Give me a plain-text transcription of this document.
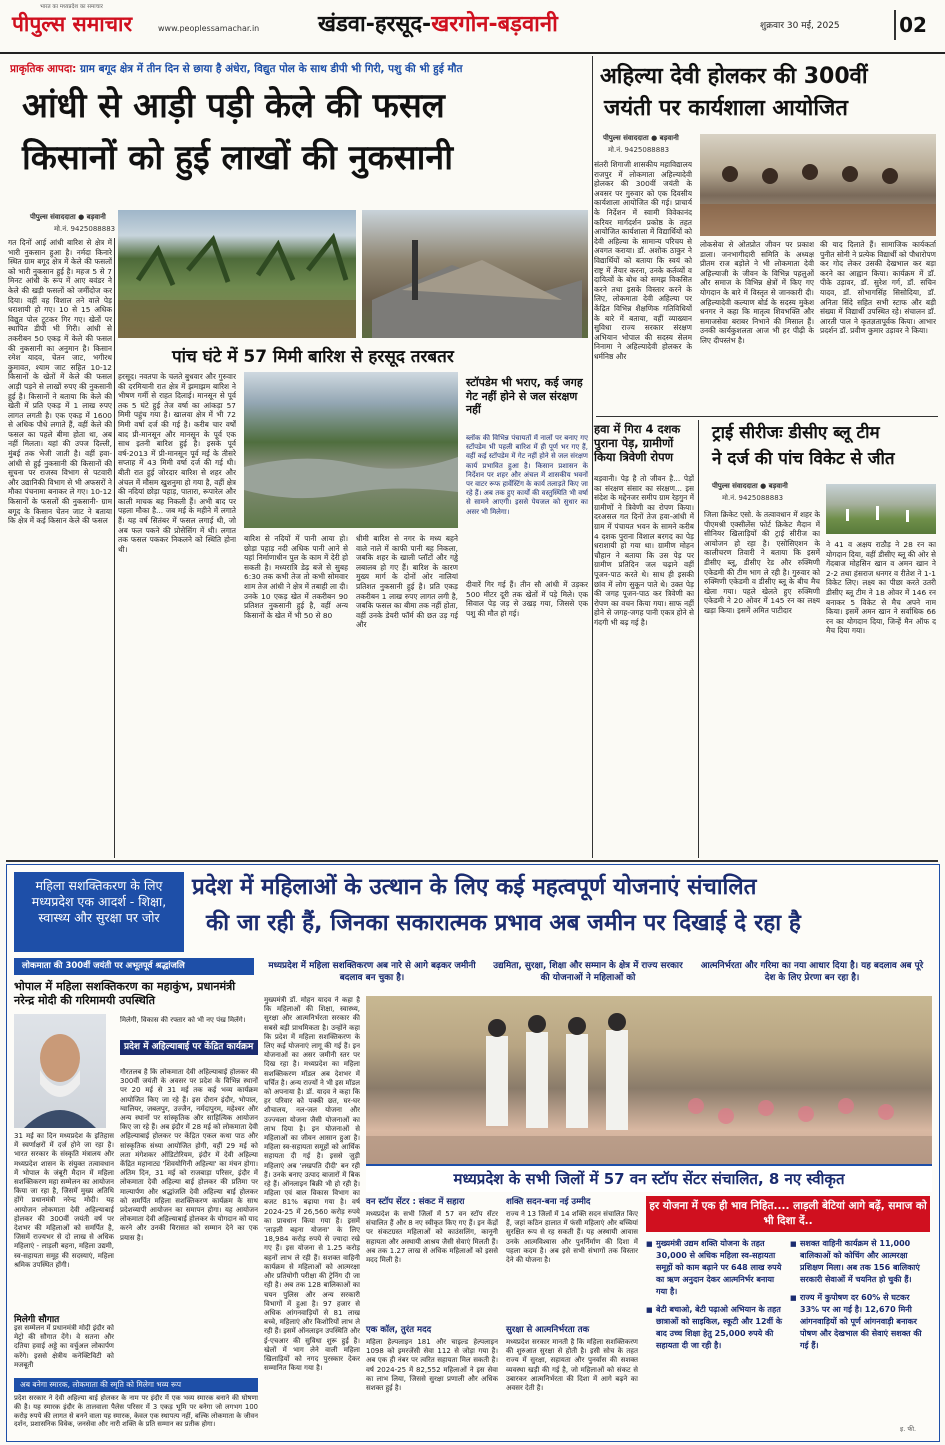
पीपुल्स समाचार
भारत का मध्यप्रदेश का समाचार
www.peoplessamachar.in	खंडवा-हरसूद-खरगोन-बड़वानी	शुक्रवार 30 मई, 2025	02
प्राकृतिक आपदा: ग्राम बगूद क्षेत्र में तीन दिन से छाया है अंधेरा, विद्युत पोल के साथ डीपी भी गिरी, पशु की भी हुई मौत
आंधी से आड़ी पड़ी केले की फसल
किसानों को हुई लाखों की नुकसानी
पीपुल्स संवाददाता ● बड़वानी
मो.नं. 9425088883
गत दिनों आई आंधी बारिश से क्षेत्र में भारी नुकसान हुआ है। नर्मदा किनारे स्थित ग्राम बगूद क्षेत्र में केले की फसलों को भारी नुकसान हुई है। महज 5 से 7 मिनट आंधी के रूप में आए बवंडर ने केले की खड़ी फसलों को जमींदोज कर दिया। वहीं वह विशाल तने वाले पेड़ धराशायी हो गए। 10 से 15 अधिक विद्युत पोल टूटकर गिर गए। खेतों पर स्थापित डीपी भी गिरी। आंधी से तकरीबन 50 एकड़ में केले की फसल की नुकसानी का अनुमान है। किसान रमेश यादव, चेतन जाट, भगीरथ कुमावत, श्याम जाट सहित 10-12 किसानों के खेतों में केले की फसल आड़ी पड़ने से लाखों रुपए की नुकसानी हुई है। किसानों ने बताया कि केले की खेती में प्रति एकड़ में 1 लाख रुपए लागत लगती है। एक एकड़ में 1600 से अधिक पौधे लगाते हैं, वहीं केले की फसल का पहले बीमा होता था, अब नहीं मिलता। यहां की उपज दिल्ली, मुंबई तक भेजी जाती है। वहीं हवा-आंधी से हुई नुकसानी की किसानों की सूचना पर राजस्व विभाग से पटवारी और उद्यानिकी विभाग से भी अफसरों ने मौका पंचनामा बनाकर ले गए। 10-12 किसानों के फसलों की नुकसानी- ग्राम बगूद के किसान चेतन जाट ने बताया कि क्षेत्र में कई किसान केले की फसल
पांच घंटे में 57 मिमी बारिश से हरसूद तरबतर
हरसूद। नवतपा के चलते बुधवार और गुरुवार की दरमियानी रात क्षेत्र में झमाझम बारिश ने भीषण गर्मी से राहत दिलाई। मानसून से पूर्व तक 5 घंटे हुई तेज वर्षा का आंकड़ा 57 मिमी पहुंच गया है। खालवा क्षेत्र में भी 72 मिमी वर्षा दर्ज की गई है। करीब चार वर्षों बाद प्री-मानसून और मानसून के पूर्व एक साथ इतनी बारिश हुई है। इसके पूर्व वर्ष-2013 में प्री-मानसून पूर्व मई के तीसरे सप्ताह में 43 मिमी वर्षा दर्ज की गई थी। बीती रात हुई जोरदार बारिश से शहर और अंचल में मौसम खुशनुमा हो गया है, वहीं क्षेत्र की नदियां छोड़ा पहाड़, पातारा, रूपारेल और काली माचक बह निकली हैं। अभी बाद पर पहला मौका है... जब मई के महीने में लगाते हैं। यह वर्ष सितंबर में फसल लगाई थी, जो अब फल पकने की प्रोसेसिंग में थी। लगात तक फसल पककर निकलने को स्थिति होना थी।
बारिश से नदियों में पानी आया हो। छोड़ा पहाड़ नदी अधिक पानी आने से यहां निर्माणाधीन पुल के काम में देरी हो सकती है। मध्यरात्रि डेढ़ बजे से सुबह 6:30 तक कभी तेज तो कभी सोमवार शाम तेज आंधी ने क्षेत्र में तबाही ला दी। उनके 10 एकड़ खेत में तकरीबन 90 प्रतिशत नुकसानी हुई है, वहीं अन्य किसानों के खेत में भी 50 से 80
धीमी बारिश से नगर के मध्य बहने वाले नाले में काफी पानी बह निकला, जबकि शहर के खाली प्लॉटों और गड्ढे लबालब हो गए हैं। बारिश के कारण मुख्य मार्ग के दोनों ओर नालियां प्रतिशत नुकसानी हुई है। प्रति एकड़ तकरीबन 1 लाख रुपए लागत लगी है, जबकि फसल का बीमा तक नहीं होता, वहीं उनके डेयरी फॉर्म की छत उड़ गई और
स्टॉपडेम भी भराए, कई जगह गेट नहीं होने से जल संरक्षण नहीं
ब्लॉक की विभिन्न पंचायतों में नालों पर बनाए गए स्टॉपडेम भी पहली बारिश में ही पूर्ण भर गए हैं, वहीं कई स्टॉपडेम में गेट नहीं होने से जल संरक्षण कार्य प्रभावित हुआ है। किसान प्रशासन के निर्देशन पर शहर और अंचल में शासकीय भवनों पर वाटर रूफ हार्वेस्टिंग के कार्य तलाड़ते किए जा रहे हैं। अब तक हुए कार्यों की वस्तुस्थिति भी वर्षा से सामने आएगी। इससे पेयजल को सुधार का असर भी मिलेगा।
दीवारें गिर गई हैं। तीन सौ आंधी में उड़कर 500 मीटर दूरी तक खेतों में पड़े मिले। एक सिवाल पेड़ जड़ से उखड़ गया, जिससे एक पशु की मौत हो गई।
अहिल्या देवी होलकर की 300वीं
जयंती पर कार्यशाला आयोजित
पीपुल्स संवाददाता ● बड़वानी
मो.नं. 9425088883
संतरी शिगाजी शासकीय महाविद्यालय राजपुर में लोकमाता अहिल्यादेवी होलकर की 300वीं जयंती के अवसर पर गुरुवार को एक दिवसीय कार्यशाला आयोजित की गई। प्राचार्य के निर्देशन में स्वामी विवेकानंद करियर मार्गदर्शन प्रकोष्ठ के तहत आयोजित कार्यशाला में विद्यार्थियों को देवी अहिल्या के सामान्य परिचय से अवगत कराया। डॉ. अशोक ठाकुर ने विद्यार्थियों को बताया कि स्वयं को राष्ट्र में तैयार करना, उनके कर्तव्यों व दायित्वों के बोध को समझ विकसित करने तथा इसके विस्तार करने के लिए, लोकमाता देवी अहिल्या पर केंद्रित विभिन्न शैक्षणिक गतिविधियों के बारे में बताया, वहीं व्याख्यान सुविधा राज्य सरकार संरक्षण अभियान भोपाल की सदस्य सेलम निनामा ने अहिल्यादेवी होलकर के धर्मनिष्ठ और
लोकसेवा से ओतप्रोत जीवन पर प्रकाश डाला। जनभागीदारी समिति के अध्यक्ष प्रीतम राज बड़ोले ने भी लोकमाता देवी अहिल्याजी के जीवन के विभिन्न पहलुओं और समाज के विभिन्न क्षेत्रों में किए गए योगदान के बारे में विस्तृत से जानकारी दी। अहिल्यादेवी कल्याण बोर्ड के सदस्य मुकेश धनगर ने कहा कि मातृत्व शिवभक्ति और समाजसेवा बराबर निभाने की मिसाल हैं। उनकी कार्यकुशलता आज भी हर पीढ़ी के लिए दीपस्तंभ है।
की याद दिलाते हैं। सामाजिक कार्यकर्ता पुनीत सोनी ने प्रत्येक विद्यार्थी को पौधारोपण कर गोद लेकर उसकी देखभाल कर बड़ा करने का आह्वान किया। कार्यक्रम में डॉ. पीके उड़ावर, डॉ. सुरेश गर्ग, डॉ. सचिन यादव, डॉ. सोभागसिंह सिसोदिया, डॉ. अनिता सिंदे सहित सभी स्टाफ और बड़ी संख्या में विद्यार्थी उपस्थित रहे। संचालन डॉ. आरती पाल ने कृतज्ञतापूर्वक किया। आभार प्रदर्शन डॉ. प्रवीण कुमार उड़ावर ने किया।
हवा में गिरा 4 दशक पुराना पेड़, ग्रामीणों किया त्रिवेणी रोपण
बड़वानी। पेड़ है तो जीवन है... पेड़ों का संरक्षण संसार का संरक्षण... इस संदेश के मद्देनजर समीप ग्राम रेहगुन में ग्रामीणों ने त्रिवेणी का रोपण किया। दरअसल गत दिनों तेज हवा-आंधी में ग्राम में पंचायत भवन के सामने करीब 4 दशक पुराना विशाल बरगद का पेड़ धराशायी हो गया था। ग्रामीण मोहन चौहान ने बताया कि उस पेड़ पर ग्रामीण प्रतिदिन जल चढ़ाने वहीं पूजन-पाठ करते थे। साथ ही इसकी छांव में लोग सुकून पाते थे। उक्त पेड़ की जगह पूजन-पाठ कर त्रिवेणी का रोपण का वचन किया गया। साफ नहीं होने से जगह-जगह पानी एकत्र होने से गंदगी भी बढ़ गई है।
ट्राई सीरीजः डीसीए ब्लू टीम
ने दर्ज की पांच विकेट से जीत
पीपुल्स संवाददाता ● बड़वानी
मो.नं. 9425088883
जिला क्रिकेट एसो. के तत्वावधान में शहर के पीएमश्री एक्सीलेंस फोर्ट क्रिकेट मैदान में सीनियर खिलाड़ियों की ट्राई सीरीज का आयोजन हो रहा है। एसोसिएशन के कालीचरण तिवारी ने बताया कि इसमें डीसीए ब्लू, डीसीए रेड और रुक्मिणी एकेडमी की टीम भाग ले रही है। गुरुवार को रुक्मिणी एकेडमी व डीसीए ब्लू के बीच मैच खेला गया। पहले खेलते हुए रुक्मिणी एकेडमी ने 20 ओवर में 145 रन का लक्ष्य खड़ा किया। इसमें अमित पाटीदार
ने 41 व अक्षय राठौड़ ने 28 रन का योगदान दिया, वहीं डीसीए ब्लू की ओर से गेंदबाज मोहसिन खान व अमन खान ने 2-2 तथा हंसराज धनगर व रीतेश ने 1-1 विकेट लिए। लक्ष्य का पीछा करते उतरी डीसीए ब्लू टीम ने 18 ओवर में 146 रन बनाकर 5 विकेट से मैच अपने नाम किया। इसमें अमन खान ने सर्वाधिक 66 रन का योगदान दिया, जिन्हें मैन ऑफ द मैच दिया गया।
महिला सशक्तिकरण के लिए मध्यप्रदेश एक आदर्श - शिक्षा, स्वास्थ्य और सुरक्षा पर जोर
प्रदेश में महिलाओं के उत्थान के लिए कई महत्वपूर्ण योजनाएं संचालित
की जा रही हैं, जिनका सकारात्मक प्रभाव अब जमीन पर दिखाई दे रहा है
लोकमाता की 300वीं जयंती पर अभूतपूर्व श्रद्धांजलि
भोपाल में महिला सशक्तिकरण का महाकुंभ, प्रधानमंत्री नरेन्द्र मोदी की गरिमामयी उपस्थिति
मध्यप्रदेश में महिला सशक्तिकरण अब नारे से आगे बढ़कर जमीनी बदलाव बन चुका है।
उद्यमिता, सुरक्षा, शिक्षा और सम्मान के क्षेत्र में राज्य सरकार की योजनाओं ने महिलाओं को
आत्मनिर्भरता और गरिमा का नया आधार दिया है। यह बदलाव अब पूरे देश के लिए प्रेरणा बन रहा है।
31 मई का दिन मध्यप्रदेश के इतिहास में स्वर्णाक्षरों में दर्ज होने जा रहा है। भारत सरकार के संस्कृति मंत्रालय और मध्यप्रदेश शासन के संयुक्त तत्वावधान में भोपाल के जंबूरी मैदान में महिला सशक्तिकरण महा सम्मेलन का आयोजन किया जा रहा है, जिसमें मुख्य अतिथि होंगे प्रधानमंत्री नरेन्द्र मोदी। यह आयोजन लोकमाता देवी अहिल्याबाई होलकर की 300वीं जयंती वर्ष पर देशभर की महिलाओं को समर्पित है, जिसमें राज्यभर से दो लाख से अधिक महिलाएं - लाड़ली बहना, महिला उद्यमी, स्व-सहायता समूह की सदस्याएं, महिला श्रमिक उपस्थित होंगी।
मिलेगी सौगात
इस सम्मेलन में प्रधानमंत्री मोदी इंदौर को मेट्रो की सौगात देंगे। वे सतना और दतिया हवाई अड्डे का वर्चुअल लोकार्पण करेंगे। इससे क्षेत्रीय कनेक्टिविटी को मजबूती
मिलेगी, विकास की रफ्तार को भी नए पंख मिलेंगे।
प्रदेश में अहिल्याबाई पर केंद्रित कार्यक्रम
गौरतलब है कि लोकमाता देवी अहिल्याबाई होलकर की 300वीं जयंती के अवसर पर प्रदेश के विभिन्न स्थानों पर 20 मई से 31 मई तक कई भव्य कार्यक्रम आयोजित किए जा रहे हैं। इस दौरान इंदौर, भोपाल, ग्वालियर, जबलपुर, उज्जैन, नर्मदापुरम, महेश्वर और अन्य स्थानों पर सांस्कृतिक और साहित्यिक आयोजन किए जा रहे हैं। अब इंदौर में 28 मई को लोकमाता देवी अहिल्याबाई होलकर पर केंद्रित एकल कथा पाठ और सांस्कृतिक संध्या आयोजित होगी, वहीं 29 मई को लता मंगेशकर ऑडिटोरियम, इंदौर में देवी अहिल्या केंद्रित महानाट्य 'शिवयोगिनी अहिल्या' का मंचन होगा। अंतिम दिन, 31 मई को राजबाड़ा परिसर, इंदौर में लोकमाता देवी अहिल्या बाई होलकर की प्रतिमा पर माल्यार्पण और श्रद्धांजलि देवी अहिल्या बाई होलकर को समर्पित महिला सशक्तिकरण कार्यक्रम के साथ प्रदेशव्यापी आयोजन का समापन होगा। यह आयोजन लोकमाता देवी अहिल्याबाई होलकर के योगदान को याद करने और उनकी विरासत को सम्मान देने का एक प्रयास है।
अब बनेगा स्मारक, लोकमाता की स्मृति को मिलेगा भव्य रूप
प्रदेश सरकार ने देवी अहिल्या बाई होलकर के नाम पर इंदौर में एक भव्य स्मारक बनाने की घोषणा की है। यह स्मारक इंदौर के तालवाला पैलेस परिसर में 3 एकड़ भूमि पर बनेगा जो लगभग 100 करोड़ रुपये की लागत से बनने वाला यह स्मारक, केवल एक स्थापत्य नहीं, बल्कि लोकमाता के जीवन दर्शन, प्रशासनिक विवेक, जनसेवा और नारी शक्ति के प्रति सम्मान का प्रतीक होगा।
मुख्यमंत्री डॉ. मोहन यादव ने कहा है कि महिलाओं की शिक्षा, स्वास्थ्य, सुरक्षा और आत्मनिर्भरता सरकार की सबसे बड़ी प्राथमिकता है। उन्होंने कहा कि प्रदेश में महिला सशक्तिकरण के लिए कई योजनाएं लागू की गई हैं। इन योजनाओं का असर जमीनी स्तर पर दिख रहा है। मध्यप्रदेश का महिला सशक्तिकरण मॉडल अब देशभर में चर्चित है। अन्य राज्यों ने भी इस मॉडल को अपनाया है। डॉ. यादव ने कहा कि हर परिवार को पक्की छत, घर-घर शौचालय, नल-जल योजना और उज्ज्वला योजना जैसी योजनाओं का लाभ दिया है। इन योजनाओं से महिलाओं का जीवन आसान हुआ है। महिला स्व-सहायता समूहों को आर्थिक सहायता दी गई है। इससे जुड़ी महिलाएं अब 'लखपति दीदी' बन रही हैं। उनके बनाए उत्पाद बाजारों में बिक रहे हैं। ऑनलाइन बिक्री भी हो रही है। महिला एवं बाल विकास विभाग का बजट 81% बढ़ाया गया है। वर्ष 2024-25 में 26,560 करोड़ रुपये का प्रावधान किया गया है। इसमें 'लाड़ली बहना योजना' के लिए 18,984 करोड़ रुपये से ज्यादा रखे गए हैं। इस योजना से 1.25 करोड़ बहनों लाभ ले रही हैं। सशक्त वाहिनी कार्यक्रम से महिलाओं को आत्मरक्षा और प्रतियोगी परीक्षा की ट्रेनिंग दी जा रही है। अब तक 128 बालिकाओं का चयन पुलिस और अन्य सरकारी विभागों में हुआ है। 97 हजार से अधिक आंगनवाड़ियों से 81 लाख बच्चे, महिलाएं और किशोरियों लाभ ले रही हैं। इसमें ऑनलाइन उपस्थिति और ई-एचआर की सुविधा शुरू हुई है। खेलों में भाग लेने वाली महिला खिलाड़ियों को नगद पुरस्कार देकर सम्मानित किया गया है।
मध्यप्रदेश के सभी जिलों में 57 वन स्टॉप सेंटर संचालित, 8 नए स्वीकृत
वन स्टॉप सेंटर : संकट में सहारा
मध्यप्रदेश के सभी जिलों में 57 वन स्टॉप सेंटर संचालित हैं और 8 नए स्वीकृत किए गए हैं। इन केंद्रों पर संकटग्रस्त महिलाओं को काउंसलिंग, कानूनी सहायता और अस्थायी आश्रय जैसी सेवाएं मिलती हैं। अब तक 1.27 लाख से अधिक महिलाओं को इससे मदद मिली है।
एक कॉल, तुरंत मदद
महिला हेल्पलाइन 181 और चाइल्ड हेल्पलाइन 1098 को इमरजेंसी सेवा 112 से जोड़ा गया है। अब एक ही नंबर पर त्वरित सहायता मिल सकती है। वर्ष 2024-25 में 82,552 महिलाओं ने इस सेवा का लाभ लिया, जिससे सुरक्षा प्रणाली और अधिक सशक्त हुई है।
शक्ति सदन-बना नई उम्मीद
राज्य ने 13 जिलों में 14 शक्ति सदन संचालित किए हैं, जहां कठिन हालात में फंसी महिलाएं और बच्चियां सुरक्षित रूप से रह सकती हैं। यह अस्थायी आवास उनके आत्मविश्वास और पुनर्निर्माण की दिशा में पहला कदम है। अब इसे सभी संभागों तक विस्तार देने की योजना है।
सुरक्षा से आत्मनिर्भरता तक
मध्यप्रदेश सरकार मानती है कि महिला सशक्तिकरण की शुरुआत सुरक्षा से होती है। इसी सोच के तहत राज्य में सुरक्षा, सहायता और पुनर्वास की सशक्त व्यवस्था खड़ी की गई है, जो महिलाओं को संकट से उबारकर आत्मनिर्भरता की दिशा में आगे बढ़ने का अवसर देती है।
हर योजना में एक ही भाव निहित.... लाड़ली बेटियां आगे बढ़ें, समाज को भी दिशा दें..
■ मुख्यमंत्री उद्यम शक्ति योजना के तहत 30,000 से अधिक महिला स्व-सहायता समूहों को काम बढ़ाने पर 648 लाख रुपये का ऋण अनुदान देकर आत्मनिर्भर बनाया गया है।
■ बेटी बचाओ, बेटी पढ़ाओ अभियान के तहत छात्राओं को साइकिल, स्कूटी और 12वीं के बाद उच्च शिक्षा हेतु 25,000 रुपये की सहायता दी जा रही है।
■ सशक्त वाहिनी कार्यक्रम से 11,000 बालिकाओं को कोचिंग और आत्मरक्षा प्रशिक्षण मिला। अब तक 156 बालिकाएं सरकारी सेवाओं में चयनित हो चुकी हैं।
■ राज्य में कुपोषण दर 60% से घटकर 33% पर आ गई है। 12,670 मिनी आंगनवाड़ियों को पूर्ण आंगनवाड़ी बनाकर पोषण और देखभाल की सेवाएं सशक्त की गई हैं।
इ. फी.
